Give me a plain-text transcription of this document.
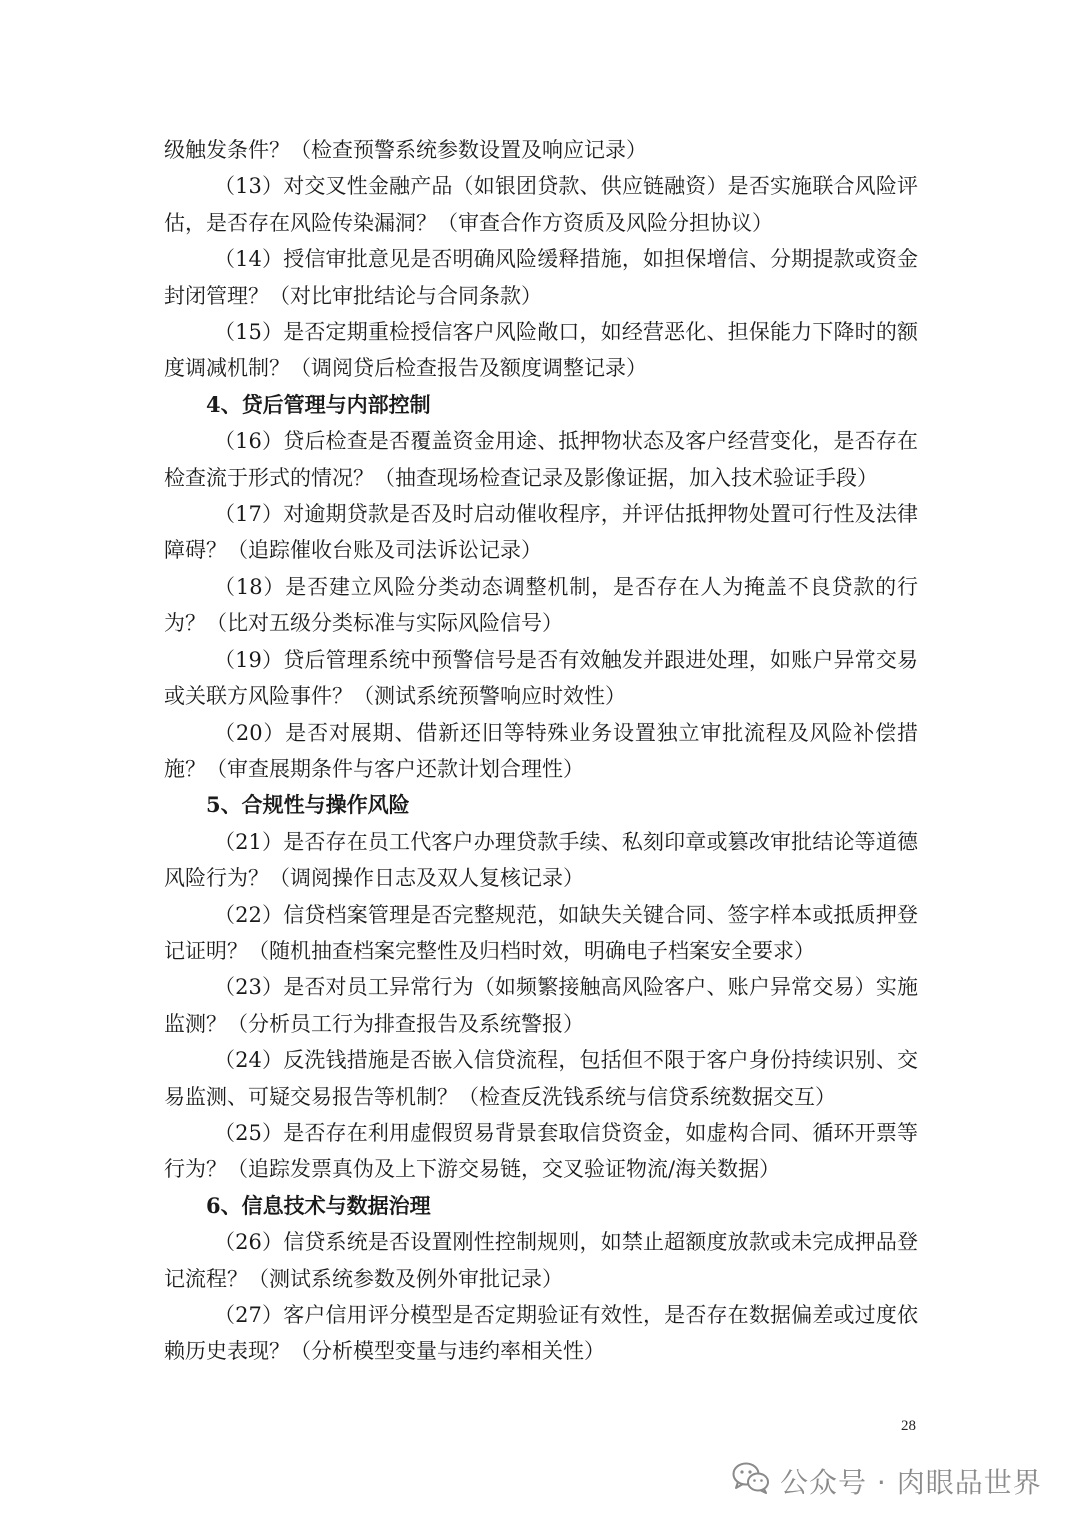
级触发条件？（检查预警系统参数设置及响应记录）

（13）对交叉性金融产品（如银团贷款、供应链融资）是否实施联合风险评估，是否存在风险传染漏洞？（审查合作方资质及风险分担协议）

（14）授信审批意见是否明确风险缓释措施，如担保增信、分期提款或资金封闭管理？（对比审批结论与合同条款）

（15）是否定期重检授信客户风险敞口，如经营恶化、担保能力下降时的额度调减机制？（调阅贷后检查报告及额度调整记录）

4、贷后管理与内部控制

（16）贷后检查是否覆盖资金用途、抵押物状态及客户经营变化，是否存在检查流于形式的情况？（抽查现场检查记录及影像证据，加入技术验证手段）

（17）对逾期贷款是否及时启动催收程序，并评估抵押物处置可行性及法律障碍？（追踪催收台账及司法诉讼记录）

（18）是否建立风险分类动态调整机制，是否存在人为掩盖不良贷款的行为？（比对五级分类标准与实际风险信号）

（19）贷后管理系统中预警信号是否有效触发并跟进处理，如账户异常交易或关联方风险事件？（测试系统预警响应时效性）

（20）是否对展期、借新还旧等特殊业务设置独立审批流程及风险补偿措施？（审查展期条件与客户还款计划合理性）

5、合规性与操作风险

（21）是否存在员工代客户办理贷款手续、私刻印章或篡改审批结论等道德风险行为？（调阅操作日志及双人复核记录）

（22）信贷档案管理是否完整规范，如缺失关键合同、签字样本或抵质押登记证明？（随机抽查档案完整性及归档时效，明确电子档案安全要求）

（23）是否对员工异常行为（如频繁接触高风险客户、账户异常交易）实施监测？（分析员工行为排查报告及系统警报）

（24）反洗钱措施是否嵌入信贷流程，包括但不限于客户身份持续识别、交易监测、可疑交易报告等机制？（检查反洗钱系统与信贷系统数据交互）

（25）是否存在利用虚假贸易背景套取信贷资金，如虚构合同、循环开票等行为？（追踪发票真伪及上下游交易链，交叉验证物流/海关数据）

6、信息技术与数据治理

（26）信贷系统是否设置刚性控制规则，如禁止超额度放款或未完成押品登记流程？（测试系统参数及例外审批记录）

（27）客户信用评分模型是否定期验证有效性，是否存在数据偏差或过度依赖历史表现？（分析模型变量与违约率相关性）

28
公众号 · 肉眼品世界
